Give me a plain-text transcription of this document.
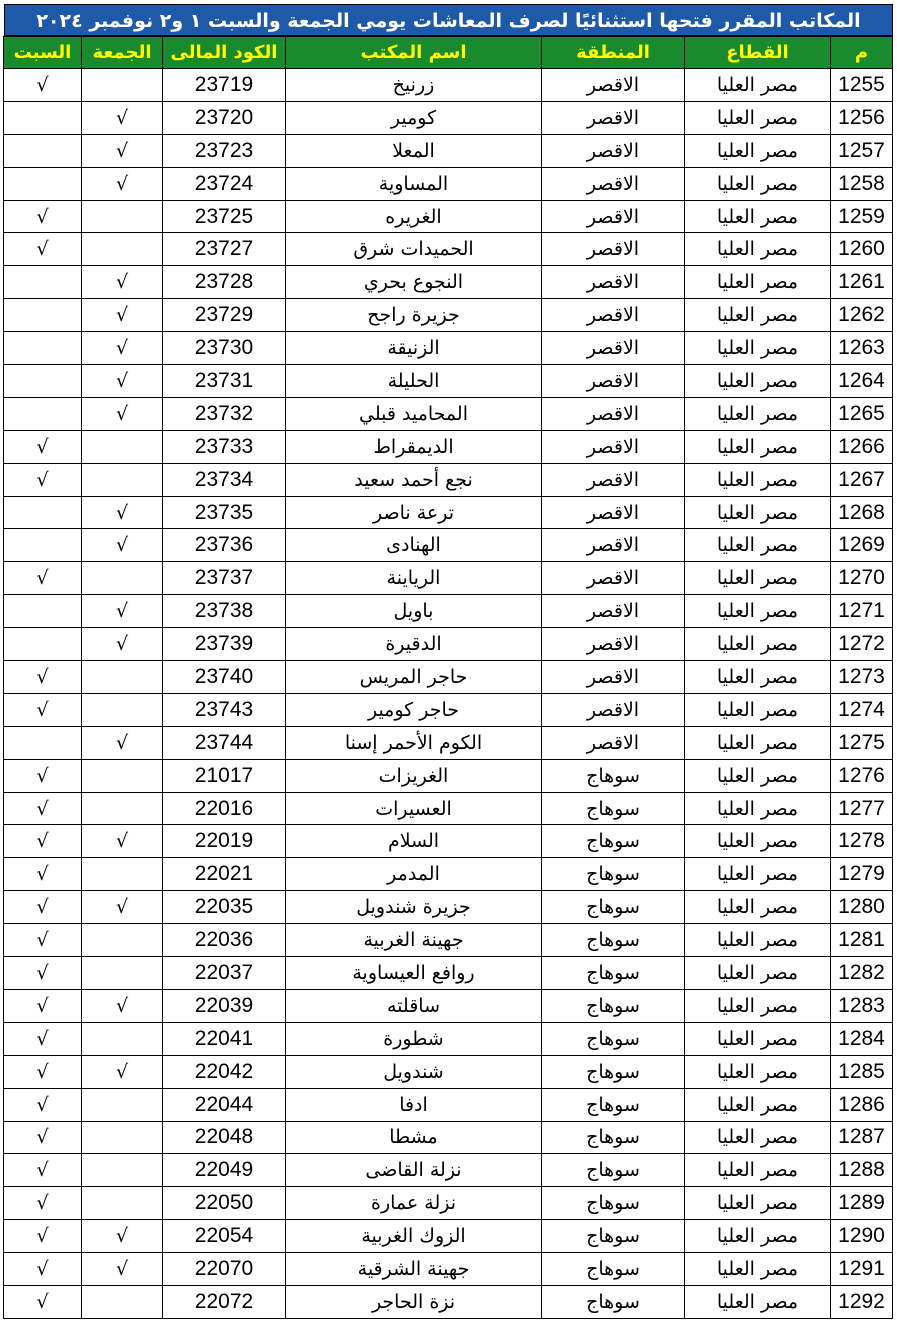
المكاتب المقرر فتحها استثنائيًا لصرف المعاشات يومي الجمعة والسبت ١ و٢ نوفمبر ٢٠٢٤
م	القطاع	المنطقة	اسم المكتب	الكود المالى	الجمعة	السبت
1255	مصر العليا	الاقصر	زرنيخ	23719		√
1256	مصر العليا	الاقصر	كومير	23720	√	
1257	مصر العليا	الاقصر	المعلا	23723	√	
1258	مصر العليا	الاقصر	المساوية	23724	√	
1259	مصر العليا	الاقصر	الغريره	23725		√
1260	مصر العليا	الاقصر	الحميدات شرق	23727		√
1261	مصر العليا	الاقصر	النجوع بحري	23728	√	
1262	مصر العليا	الاقصر	جزيرة راجح	23729	√	
1263	مصر العليا	الاقصر	الزنيقة	23730	√	
1264	مصر العليا	الاقصر	الحليلة	23731	√	
1265	مصر العليا	الاقصر	المحاميد قبلي	23732	√	
1266	مصر العليا	الاقصر	الديمقراط	23733		√
1267	مصر العليا	الاقصر	نجع أحمد سعيد	23734		√
1268	مصر العليا	الاقصر	ترعة ناصر	23735	√	
1269	مصر العليا	الاقصر	الهنادى	23736	√	
1270	مصر العليا	الاقصر	الرياينة	23737		√
1271	مصر العليا	الاقصر	باويل	23738	√	
1272	مصر العليا	الاقصر	الدقيرة	23739	√	
1273	مصر العليا	الاقصر	حاجر المريس	23740		√
1274	مصر العليا	الاقصر	حاجر كومير	23743		√
1275	مصر العليا	الاقصر	الكوم الأحمر إسنا	23744	√	
1276	مصر العليا	سوهاج	الغريزات	21017		√
1277	مصر العليا	سوهاج	العسيرات	22016		√
1278	مصر العليا	سوهاج	السلام	22019	√	√
1279	مصر العليا	سوهاج	المدمر	22021		√
1280	مصر العليا	سوهاج	جزيرة شندويل	22035	√	√
1281	مصر العليا	سوهاج	جهينة الغربية	22036		√
1282	مصر العليا	سوهاج	روافع العيساوية	22037		√
1283	مصر العليا	سوهاج	ساقلته	22039	√	√
1284	مصر العليا	سوهاج	شطورة	22041		√
1285	مصر العليا	سوهاج	شندويل	22042	√	√
1286	مصر العليا	سوهاج	ادفا	22044		√
1287	مصر العليا	سوهاج	مشطا	22048		√
1288	مصر العليا	سوهاج	نزلة القاضى	22049		√
1289	مصر العليا	سوهاج	نزلة عمارة	22050		√
1290	مصر العليا	سوهاج	الزوك الغربية	22054	√	√
1291	مصر العليا	سوهاج	جهينة الشرقية	22070	√	√
1292	مصر العليا	سوهاج	نزة الحاجر	22072		√
